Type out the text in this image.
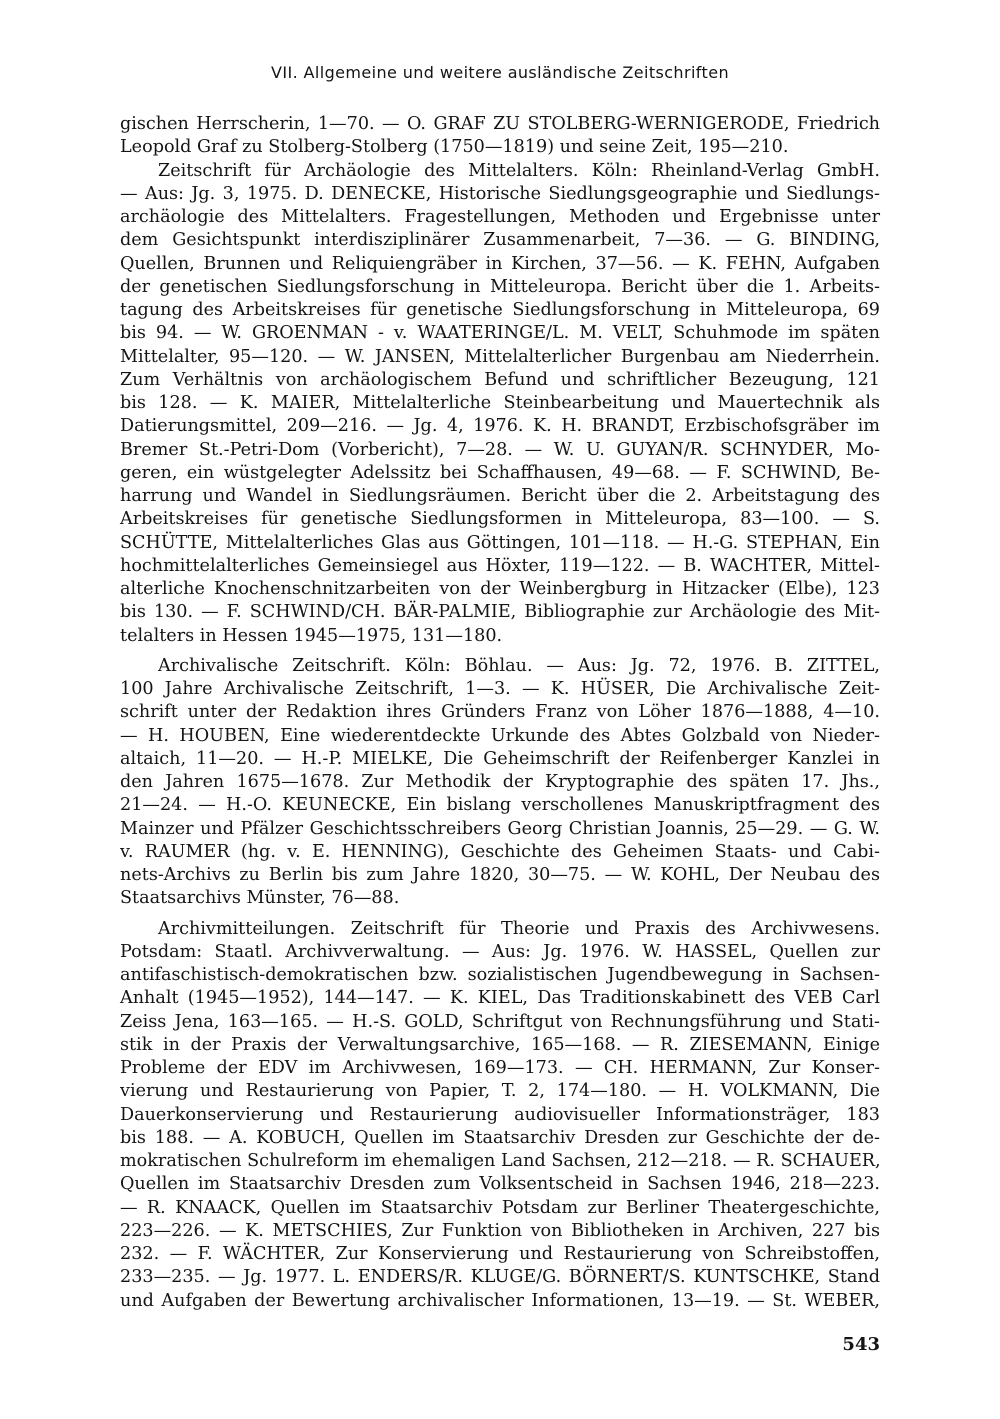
VII. Allgemeine und weitere ausländische Zeitschriften
gischen Herrscherin, 1—70. — O. GRAF ZU STOLBERG-WERNIGERODE, Friedrich
Leopold Graf zu Stolberg-Stolberg (1750—1819) und seine Zeit, 195—210.
Zeitschrift für Archäologie des Mittelalters. Köln: Rheinland-Verlag GmbH.
— Aus: Jg. 3, 1975. D. DENECKE, Historische Siedlungsgeographie und Siedlungs-
archäologie des Mittelalters. Fragestellungen, Methoden und Ergebnisse unter
dem Gesichtspunkt interdisziplinärer Zusammenarbeit, 7—36. — G. BINDING,
Quellen, Brunnen und Reliquiengräber in Kirchen, 37—56. — K. FEHN, Aufgaben
der genetischen Siedlungsforschung in Mitteleuropa. Bericht über die 1. Arbeits-
tagung des Arbeitskreises für genetische Siedlungsforschung in Mitteleuropa, 69
bis 94. — W. GROENMAN - v. WAATERINGE/L. M. VELT, Schuhmode im späten
Mittelalter, 95—120. — W. JANSEN, Mittelalterlicher Burgenbau am Niederrhein.
Zum Verhältnis von archäologischem Befund und schriftlicher Bezeugung, 121
bis 128. — K. MAIER, Mittelalterliche Steinbearbeitung und Mauertechnik als
Datierungsmittel, 209—216. — Jg. 4, 1976. K. H. BRANDT, Erzbischofsgräber im
Bremer St.-Petri-Dom (Vorbericht), 7—28. — W. U. GUYAN/R. SCHNYDER, Mo-
geren, ein wüstgelegter Adelssitz bei Schaffhausen, 49—68. — F. SCHWIND, Be-
harrung und Wandel in Siedlungsräumen. Bericht über die 2. Arbeitstagung des
Arbeitskreises für genetische Siedlungsformen in Mitteleuropa, 83—100. — S.
SCHÜTTE, Mittelalterliches Glas aus Göttingen, 101—118. — H.-G. STEPHAN, Ein
hochmittelalterliches Gemeinsiegel aus Höxter, 119—122. — B. WACHTER, Mittel-
alterliche Knochenschnitzarbeiten von der Weinbergburg in Hitzacker (Elbe), 123
bis 130. — F. SCHWIND/CH. BÄR-PALMIE, Bibliographie zur Archäologie des Mit-
telalters in Hessen 1945—1975, 131—180.
Archivalische Zeitschrift. Köln: Böhlau. — Aus: Jg. 72, 1976. B. ZITTEL,
100 Jahre Archivalische Zeitschrift, 1—3. — K. HÜSER, Die Archivalische Zeit-
schrift unter der Redaktion ihres Gründers Franz von Löher 1876—1888, 4—10.
— H. HOUBEN, Eine wiederentdeckte Urkunde des Abtes Golzbald von Nieder-
altaich, 11—20. — H.-P. MIELKE, Die Geheimschrift der Reifenberger Kanzlei in
den Jahren 1675—1678. Zur Methodik der Kryptographie des späten 17. Jhs.,
21—24. — H.-O. KEUNECKE, Ein bislang verschollenes Manuskriptfragment des
Mainzer und Pfälzer Geschichtsschreibers Georg Christian Joannis, 25—29. — G. W.
v. RAUMER (hg. v. E. HENNING), Geschichte des Geheimen Staats- und Cabi-
nets-Archivs zu Berlin bis zum Jahre 1820, 30—75. — W. KOHL, Der Neubau des
Staatsarchivs Münster, 76—88.
Archivmitteilungen. Zeitschrift für Theorie und Praxis des Archivwesens.
Potsdam: Staatl. Archivverwaltung. — Aus: Jg. 1976. W. HASSEL, Quellen zur
antifaschistisch-demokratischen bzw. sozialistischen Jugendbewegung in Sachsen-
Anhalt (1945—1952), 144—147. — K. KIEL, Das Traditionskabinett des VEB Carl
Zeiss Jena, 163—165. — H.-S. GOLD, Schriftgut von Rechnungsführung und Stati-
stik in der Praxis der Verwaltungsarchive, 165—168. — R. ZIESEMANN, Einige
Probleme der EDV im Archivwesen, 169—173. — CH. HERMANN, Zur Konser-
vierung und Restaurierung von Papier, T. 2, 174—180. — H. VOLKMANN, Die
Dauerkonservierung und Restaurierung audiovisueller Informationsträger, 183
bis 188. — A. KOBUCH, Quellen im Staatsarchiv Dresden zur Geschichte der de-
mokratischen Schulreform im ehemaligen Land Sachsen, 212—218. — R. SCHAUER,
Quellen im Staatsarchiv Dresden zum Volksentscheid in Sachsen 1946, 218—223.
— R. KNAACK, Quellen im Staatsarchiv Potsdam zur Berliner Theatergeschichte,
223—226. — K. METSCHIES, Zur Funktion von Bibliotheken in Archiven, 227 bis
232. — F. WÄCHTER, Zur Konservierung und Restaurierung von Schreibstoffen,
233—235. — Jg. 1977. L. ENDERS/R. KLUGE/G. BÖRNERT/S. KUNTSCHKE, Stand
und Aufgaben der Bewertung archivalischer Informationen, 13—19. — St. WEBER,
543
